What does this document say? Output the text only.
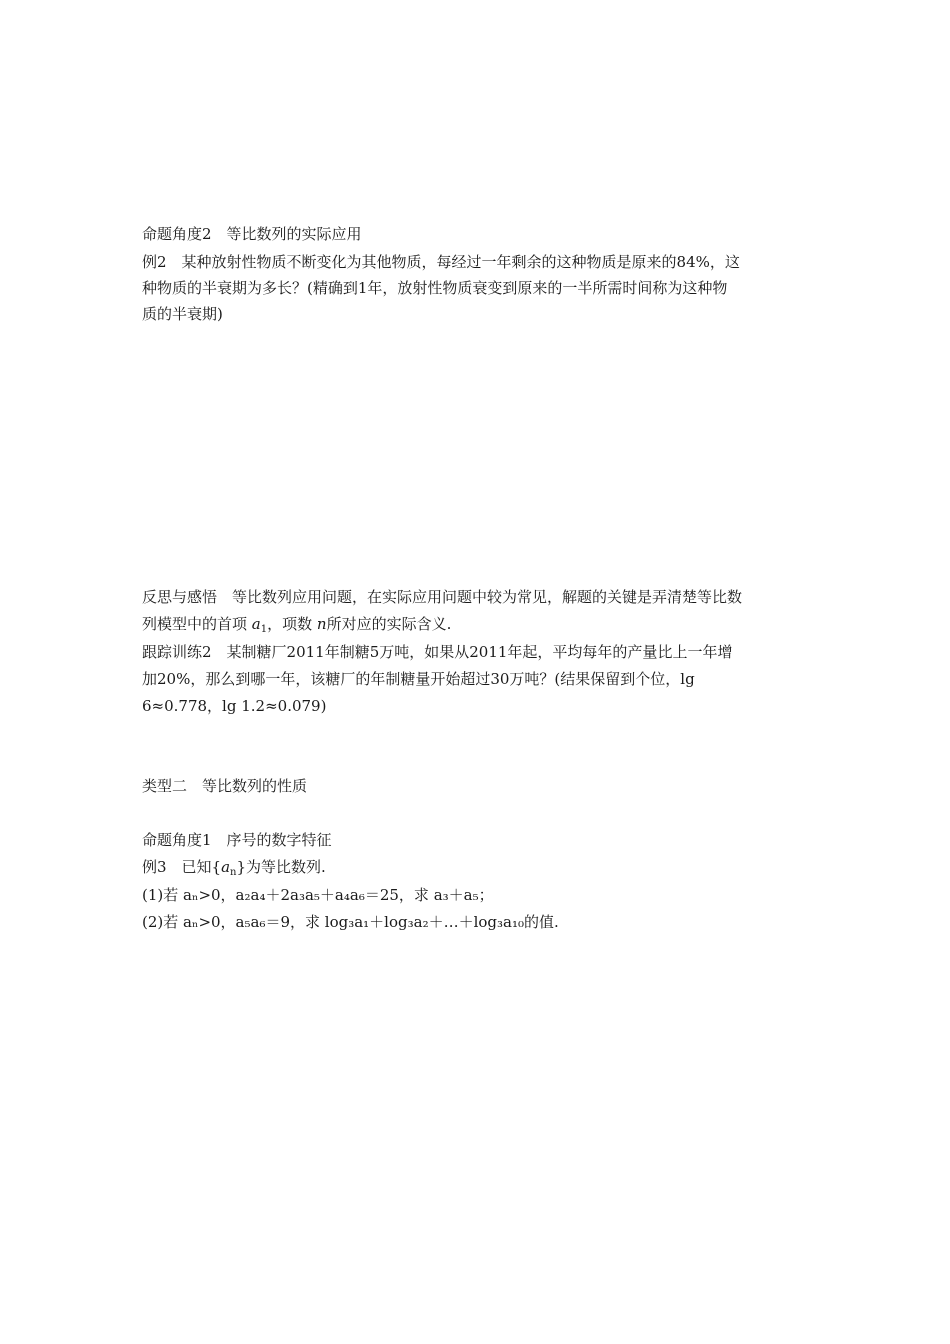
命题角度2　等比数列的实际应用
例2　某种放射性物质不断变化为其他物质，每经过一年剩余的这种物质是原来的84%，这
种物质的半衰期为多长？(精确到1年，放射性物质衰变到原来的一半所需时间称为这种物
质的半衰期)
反思与感悟　等比数列应用问题，在实际应用问题中较为常见，解题的关键是弄清楚等比数
列模型中的首项 $a_1$，项数 n所对应的实际含义.
跟踪训练2　某制糖厂2011年制糖5万吨，如果从2011年起，平均每年的产量比上一年增
加20%，那么到哪一年，该糖厂的年制糖量开始超过30万吨？(结果保留到个位，lg
6≈0.778，lg 1.2≈0.079)
类型二　等比数列的性质
命题角度1　序号的数字特征
例3　已知$\{a_n\}$为等比数列.
(1)若 aₙ>0，a₂a₄＋2a₃a₅＋a₄a₆＝25，求 a₃＋a₅；
(2)若 aₙ>0，a₅a₆＝9，求 log₃a₁＋log₃a₂＋…＋log₃a₁₀的值.
